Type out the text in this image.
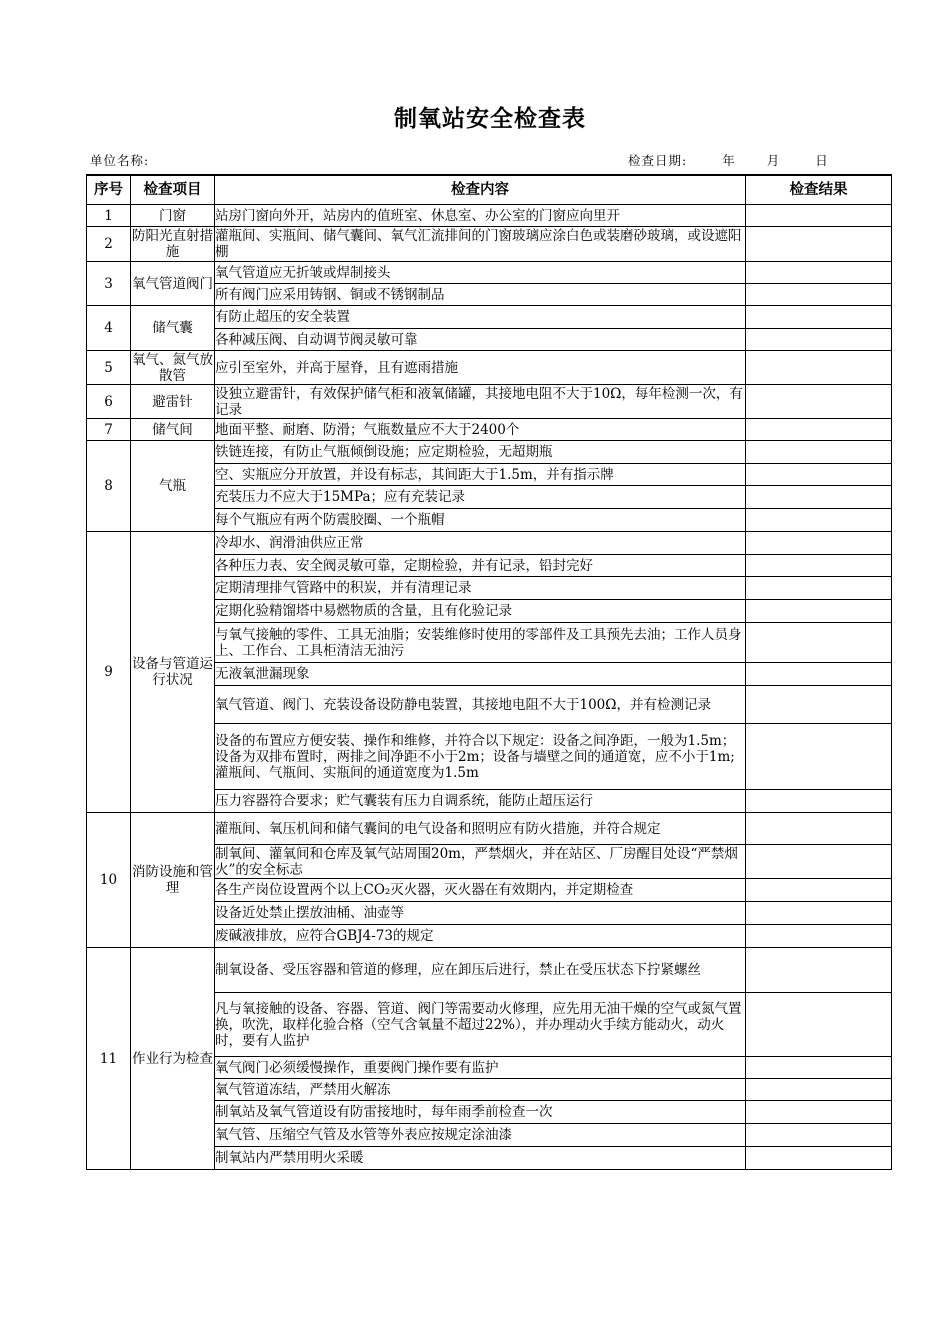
制氧站安全检查表
单位名称:	检查日期:	年 月	日
序号	检查项目	检查内容	检查结果
1	门窗	站房门窗向外开，站房内的值班室、休息室、办公室的门窗应向里开	
2	防阳光直射措施	灌瓶间、实瓶间、储气囊间、氧气汇流排间的门窗玻璃应涂白色或装磨砂玻璃，或设遮阳棚	
3	氧气管道阀门	氧气管道应无折皱或焊制接头	
		所有阀门应采用铸钢、铜或不锈钢制品	
4	储气囊	有防止超压的安全装置	
		各种减压阀、自动调节阀灵敏可靠	
5	氧气、氮气放散管	应引至室外，并高于屋脊，且有遮雨措施	
6	避雷针	设独立避雷针，有效保护储气柜和液氧储罐，其接地电阻不大于10Ω，每年检测一次，有记录	
7	储气间	地面平整、耐磨、防滑；气瓶数量应不大于2400个	
8	气瓶	铁链连接，有防止气瓶倾倒设施；应定期检验，无超期瓶	
		空、实瓶应分开放置，并设有标志，其间距大于1.5m，并有指示牌	
		充装压力不应大于15MPa；应有充装记录	
		每个气瓶应有两个防震胶圈、一个瓶帽	
9	设备与管道运行状况	冷却水、润滑油供应正常	
		各种压力表、安全阀灵敏可靠，定期检验，并有记录，铅封完好	
		定期清理排气管路中的积炭，并有清理记录	
		定期化验精馏塔中易燃物质的含量，且有化验记录	
		与氧气接触的零件、工具无油脂；安装维修时使用的零部件及工具预先去油；工作人员身上、工作台、工具柜清洁无油污	
		无液氧泄漏现象	
		氧气管道、阀门、充装设备设防静电装置，其接地电阻不大于100Ω，并有检测记录	
		设备的布置应方便安装、操作和维修，并符合以下规定：设备之间净距，一般为1.5m；设备为双排布置时，两排之间净距不小于2m；设备与墙壁之间的通道宽，应不小于1m;灌瓶间、气瓶间、实瓶间的通道宽度为1.5m	
		压力容器符合要求；贮气囊装有压力自调系统，能防止超压运行	
10	消防设施和管理	灌瓶间、氧压机间和储气囊间的电气设备和照明应有防火措施，并符合规定	
		制氧间、灌氧间和仓库及氧气站周围20m，严禁烟火，并在站区、厂房醒目处设“严禁烟火”的安全标志	
		各生产岗位设置两个以上CO₂灭火器，灭火器在有效期内，并定期检查	
		设备近处禁止摆放油桶、油壶等	
		废碱液排放，应符合GBJ4-73的规定	
11	作业行为检查	制氧设备、受压容器和管道的修理，应在卸压后进行，禁止在受压状态下拧紧螺丝	
		凡与氧接触的设备、容器、管道、阀门等需要动火修理，应先用无油干燥的空气或氮气置换，吹洗，取样化验合格（空气含氧量不超过22%），并办理动火手续方能动火，动火时，要有人监护	
		氧气阀门必须缓慢操作，重要阀门操作要有监护	
		氧气管道冻结，严禁用火解冻	
		制氧站及氧气管道设有防雷接地时，每年雨季前检查一次	
		氧气管、压缩空气管及水管等外表应按规定涂油漆	
		制氧站内严禁用明火采暖	
